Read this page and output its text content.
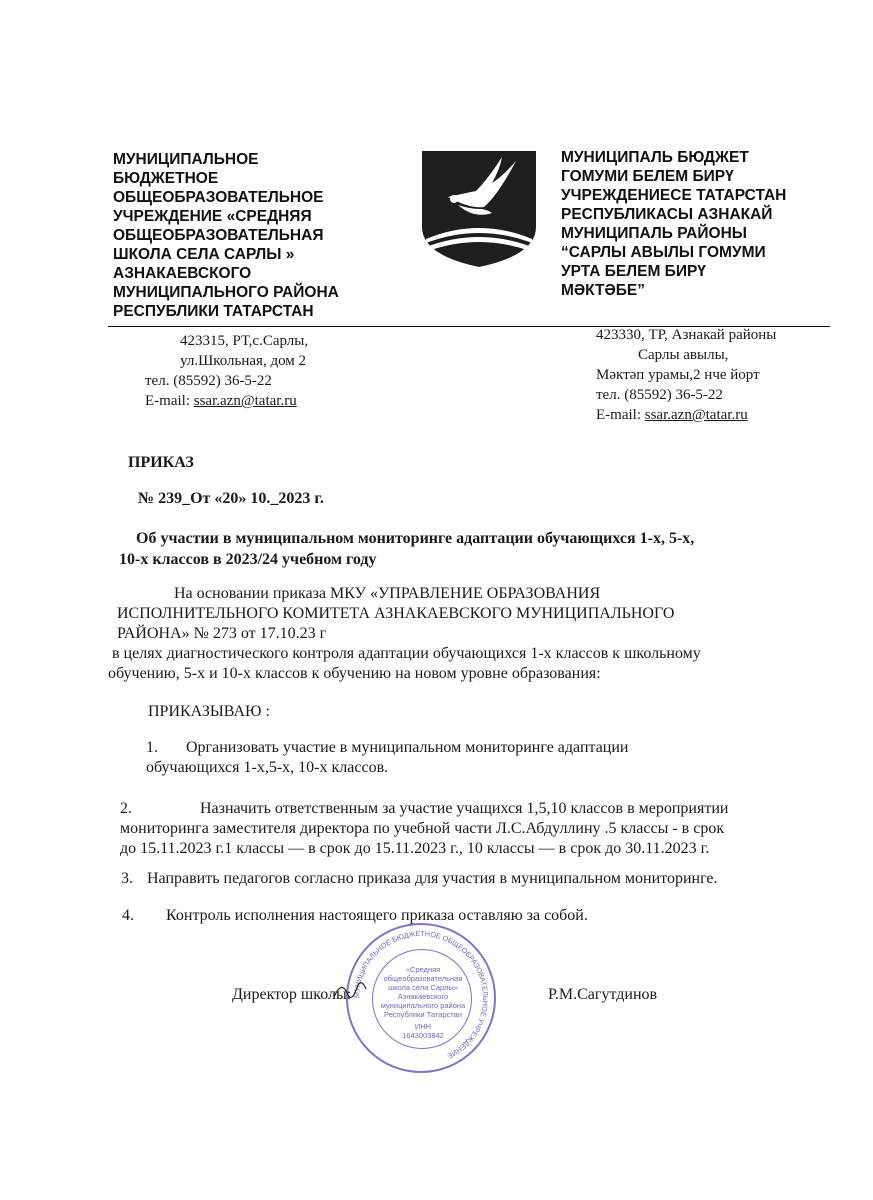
МУНИЦИПАЛЬНОЕ
БЮДЖЕТНОЕ
ОБЩЕОБРАЗОВАТЕЛЬНОЕ
УЧРЕЖДЕНИЕ «СРЕДНЯЯ
ОБЩЕОБРАЗОВАТЕЛЬНАЯ
ШКОЛА СЕЛА САРЛЫ »
АЗНАКАЕВСКОГО
МУНИЦИПАЛЬНОГО РАЙОНА
РЕСПУБЛИКИ ТАТАРСТАН
МУНИЦИПАЛЬ БЮДЖЕТ
ГОМУМИ БЕЛЕМ БИРҮ
УЧРЕЖДЕНИЕСЕ ТАТАРСТАН
РЕСПУБЛИКАСЫ АЗНАКАЙ
МУНИЦИПАЛЬ РАЙОНЫ
“САРЛЫ АВЫЛЫ ГОМУМИ
УРТА БЕЛЕМ БИРҮ
МӘКТӘБЕ”
423315, РТ,с.Сарлы,
ул.Школьная, дом 2
тел. (85592) 36-5-22
E-mail: ssar.azn@tatar.ru
423330, ТР, Азнакай районы
Сарлы авылы,
Мәктәп урамы,2 нче йорт
тел. (85592) 36-5-22
E-mail: ssar.azn@tatar.ru
ПРИКАЗ
№ 239_От «20» 10._2023 г.
Об участии в муниципальном мониторинге адаптации обучающихся 1-х, 5-х,
10-х классов в 2023/24 учебном году
На основании приказа МКУ «УПРАВЛЕНИЕ ОБРАЗОВАНИЯ
ИСПОЛНИТЕЛЬНОГО КОМИТЕТА АЗНАКАЕВСКОГО МУНИЦИПАЛЬНОГО
РАЙОНА» № 273 от 17.10.23 г
в целях диагностического контроля адаптации обучающихся 1-х классов к школьному
обучению, 5-х и 10-х классов к обучению на новом уровне образования:
ПРИКАЗЫВАЮ :
1. Организовать участие в муниципальном мониторинге адаптации
обучающихся 1-х,5-х, 10-х классов.
2.	Назначить ответственным за участие учащихся 1,5,10 классов в мероприятии
мониторинга заместителя директора по учебной части Л.С.Абдуллину .5 классы - в срок
до 15.11.2023 г.1 классы — в срок до 15.11.2023 г., 10 классы — в срок до 30.11.2023 г.
3. Направить педагогов согласно приказа для участия в муниципальном мониторинге.
4. Контроль исполнения настоящего приказа оставляю за собой.
МУНИЦИПАЛЬНОЕ БЮДЖЕТНОЕ ОБЩЕОБРАЗОВАТЕЛЬНОЕ УЧРЕЖДЕНИЕ
«Средняя
общеобразовательная
школа села Сарлы»
Азнакаевского
муниципального района
Республики Татарстан
ИНН
1643003842
Директор школы:	Р.М.Сагутдинов
